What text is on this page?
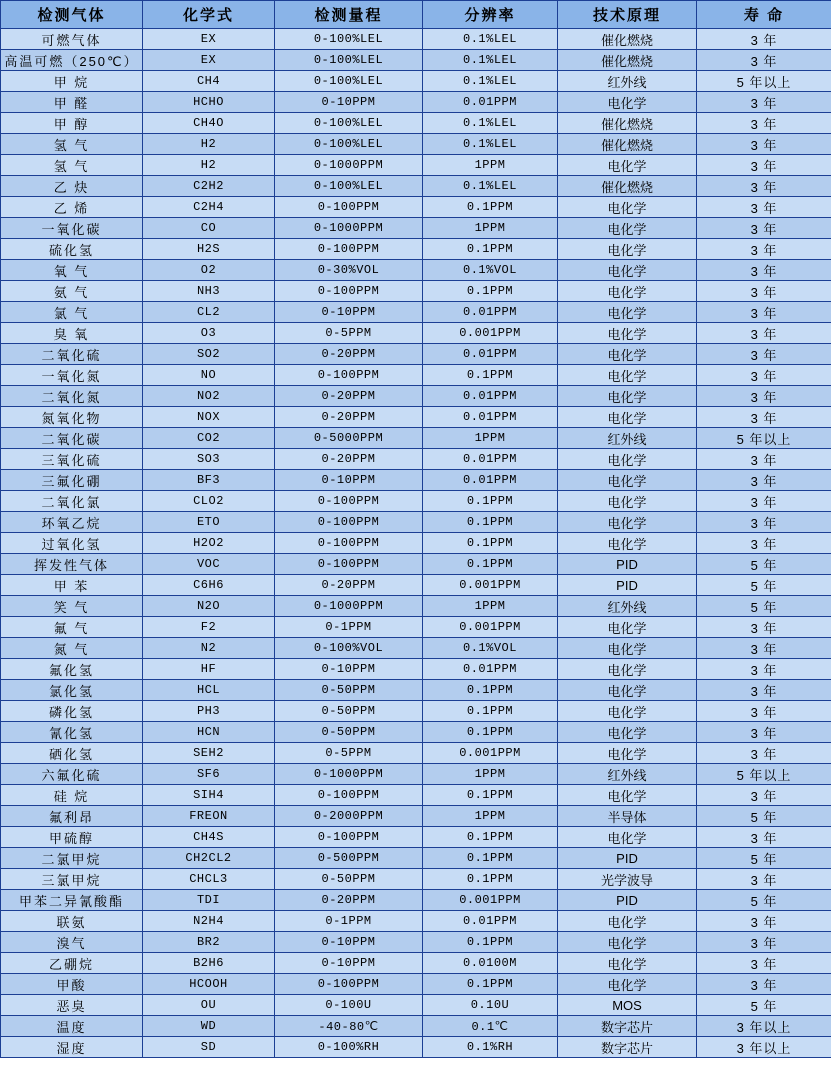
检测气体	化学式	检测量程	分辨率	技术原理	寿 命
可燃气体	EX	0-100%LEL	0.1%LEL	催化燃烧	3 年
高温可燃（250℃）	EX	0-100%LEL	0.1%LEL	催化燃烧	3 年
甲 烷	CH4	0-100%LEL	0.1%LEL	红外线	5 年以上
甲 醛	HCHO	0-10PPM	0.01PPM	电化学	3 年
甲 醇	CH4O	0-100%LEL	0.1%LEL	催化燃烧	3 年
氢 气	H2	0-100%LEL	0.1%LEL	催化燃烧	3 年
氢 气	H2	0-1000PPM	1PPM	电化学	3 年
乙 炔	C2H2	0-100%LEL	0.1%LEL	催化燃烧	3 年
乙 烯	C2H4	0-100PPM	0.1PPM	电化学	3 年
一氧化碳	CO	0-1000PPM	1PPM	电化学	3 年
硫化氢	H2S	0-100PPM	0.1PPM	电化学	3 年
氧 气	O2	0-30%VOL	0.1%VOL	电化学	3 年
氨 气	NH3	0-100PPM	0.1PPM	电化学	3 年
氯 气	CL2	0-10PPM	0.01PPM	电化学	3 年
臭 氧	O3	0-5PPM	0.001PPM	电化学	3 年
二氧化硫	SO2	0-20PPM	0.01PPM	电化学	3 年
一氧化氮	NO	0-100PPM	0.1PPM	电化学	3 年
二氧化氮	NO2	0-20PPM	0.01PPM	电化学	3 年
氮氧化物	NOX	0-20PPM	0.01PPM	电化学	3 年
二氧化碳	CO2	0-5000PPM	1PPM	红外线	5 年以上
三氧化硫	SO3	0-20PPM	0.01PPM	电化学	3 年
三氟化硼	BF3	0-10PPM	0.01PPM	电化学	3 年
二氧化氯	CLO2	0-100PPM	0.1PPM	电化学	3 年
环氧乙烷	ETO	0-100PPM	0.1PPM	电化学	3 年
过氧化氢	H2O2	0-100PPM	0.1PPM	电化学	3 年
挥发性气体	VOC	0-100PPM	0.1PPM	PID	5 年
甲 苯	C6H6	0-20PPM	0.001PPM	PID	5 年
笑 气	N2O	0-1000PPM	1PPM	红外线	5 年
氟 气	F2	0-1PPM	0.001PPM	电化学	3 年
氮 气	N2	0-100%VOL	0.1%VOL	电化学	3 年
氟化氢	HF	0-10PPM	0.01PPM	电化学	3 年
氯化氢	HCL	0-50PPM	0.1PPM	电化学	3 年
磷化氢	PH3	0-50PPM	0.1PPM	电化学	3 年
氰化氢	HCN	0-50PPM	0.1PPM	电化学	3 年
硒化氢	SEH2	0-5PPM	0.001PPM	电化学	3 年
六氟化硫	SF6	0-1000PPM	1PPM	红外线	5 年以上
硅 烷	SIH4	0-100PPM	0.1PPM	电化学	3 年
氟利昂	FREON	0-2000PPM	1PPM	半导体	5 年
甲硫醇	CH4S	0-100PPM	0.1PPM	电化学	3 年
二氯甲烷	CH2CL2	0-500PPM	0.1PPM	PID	5 年
三氯甲烷	CHCL3	0-50PPM	0.1PPM	光学波导	3 年
甲苯二异氰酸酯	TDI	0-20PPM	0.001PPM	PID	5 年
联氨	N2H4	0-1PPM	0.01PPM	电化学	3 年
溴气	BR2	0-10PPM	0.1PPM	电化学	3 年
乙硼烷	B2H6	0-10PPM	0.0100M	电化学	3 年
甲酸	HCOOH	0-100PPM	0.1PPM	电化学	3 年
恶臭	OU	0-100U	0.10U	MOS	5 年
温度	WD	-40-80℃	0.1℃	数字芯片	3 年以上
湿度	SD	0-100%RH	0.1%RH	数字芯片	3 年以上
